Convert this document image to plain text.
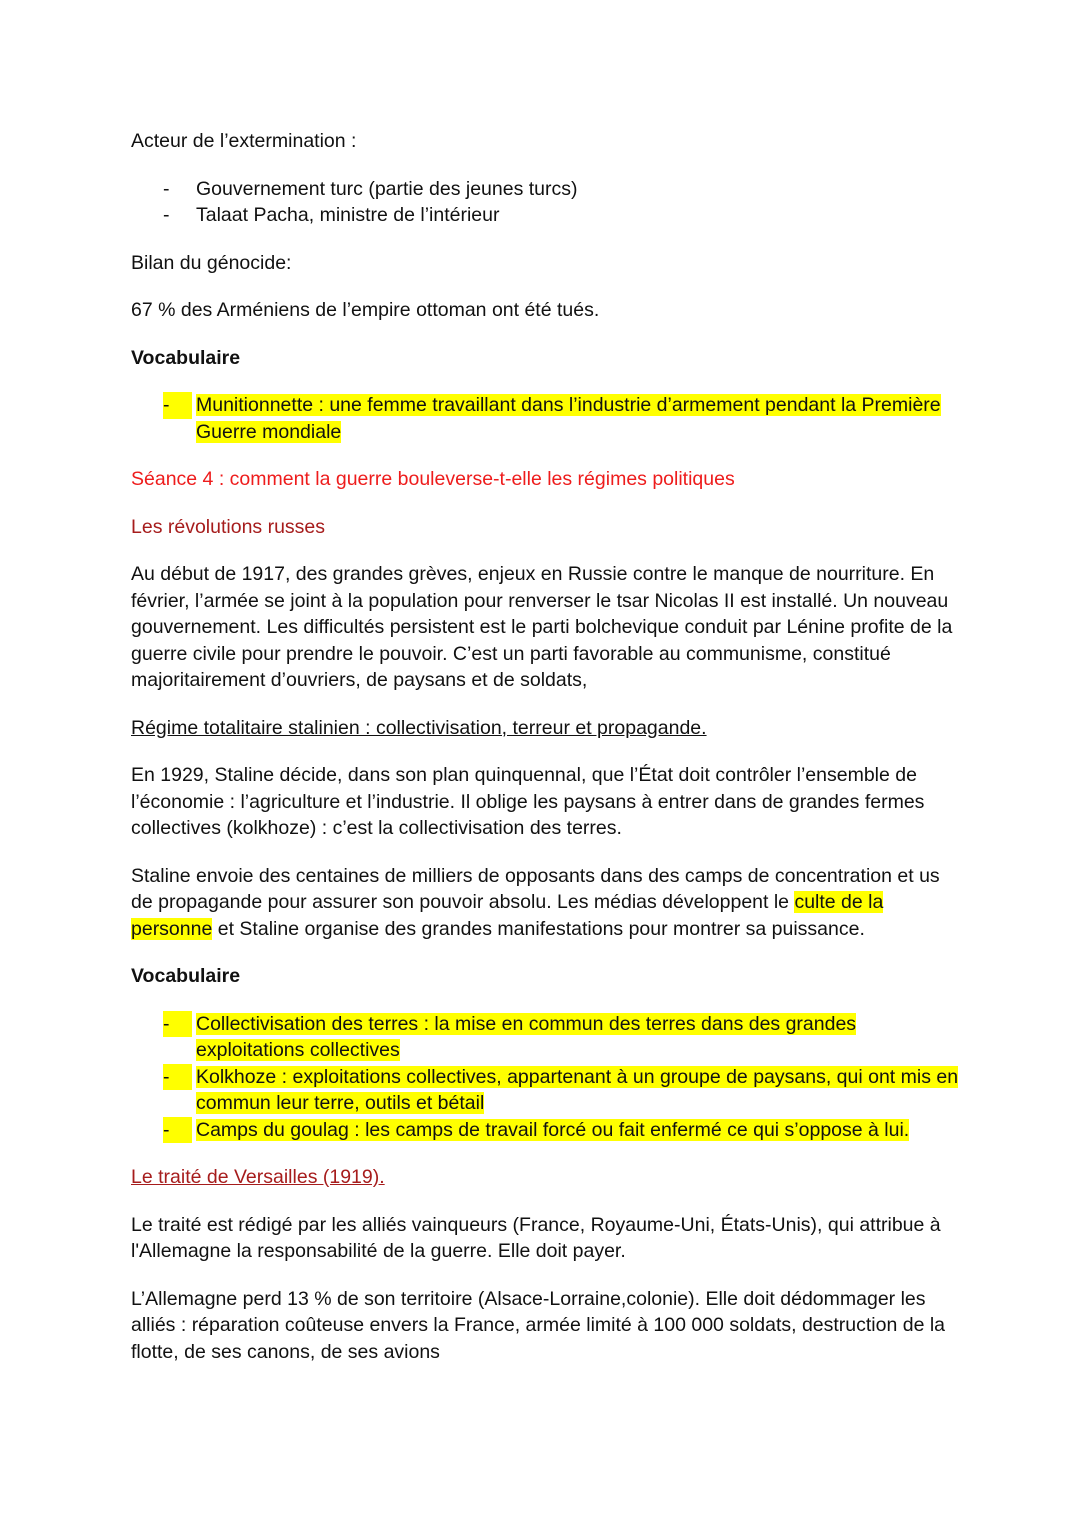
Acteur de l’extermination :

- Gouvernement turc (partie des jeunes turcs)
- Talaat Pacha, ministre de l’intérieur

Bilan du génocide:

67 % des Arméniens de l’empire ottoman ont été tués.

Vocabulaire

-	Munitionnette : une femme travaillant dans l’industrie d’armement pendant la Première Guerre mondiale

Séance 4 : comment la guerre bouleverse-t-elle les régimes politiques

Les révolutions russes

Au début de 1917, des grandes grèves, enjeux en Russie contre le manque de nourriture. En février, l’armée se joint à la population pour renverser le tsar Nicolas II est installé. Un nouveau gouvernement. Les difficultés persistent est le parti bolchevique conduit par Lénine profite de la guerre civile pour prendre le pouvoir. C’est un parti favorable au communisme, constitué majoritairement d’ouvriers, de paysans et de soldats,

Régime totalitaire stalinien : collectivisation, terreur et propagande.

En 1929, Staline décide, dans son plan quinquennal, que l’État doit contrôler l’ensemble de l’économie : l’agriculture et l’industrie. Il oblige les paysans à entrer dans de grandes fermes collectives (kolkhoze) : c’est la collectivisation des terres.

Staline envoie des centaines de milliers de opposants dans des camps de concentration et us de propagande pour assurer son pouvoir absolu. Les médias développent le culte de la personne et Staline organise des grandes manifestations pour montrer sa puissance.

Vocabulaire

-	Collectivisation des terres : la mise en commun des terres dans des grandes exploitations collectives
-	Kolkhoze : exploitations collectives, appartenant à un groupe de paysans, qui ont mis en commun leur terre, outils et bétail
-	Camps du goulag : les camps de travail forcé ou fait enfermé ce qui s’oppose à lui.

Le traité de Versailles (1919).

Le traité est rédigé par les alliés vainqueurs (France, Royaume-Uni, États-Unis), qui attribue à l'Allemagne la responsabilité de la guerre. Elle doit payer.

L’Allemagne perd 13 % de son territoire (Alsace-Lorraine,colonie). Elle doit dédommager les alliés : réparation coûteuse envers la France, armée limité à 100 000 soldats, destruction de la flotte, de ses canons, de ses avions
